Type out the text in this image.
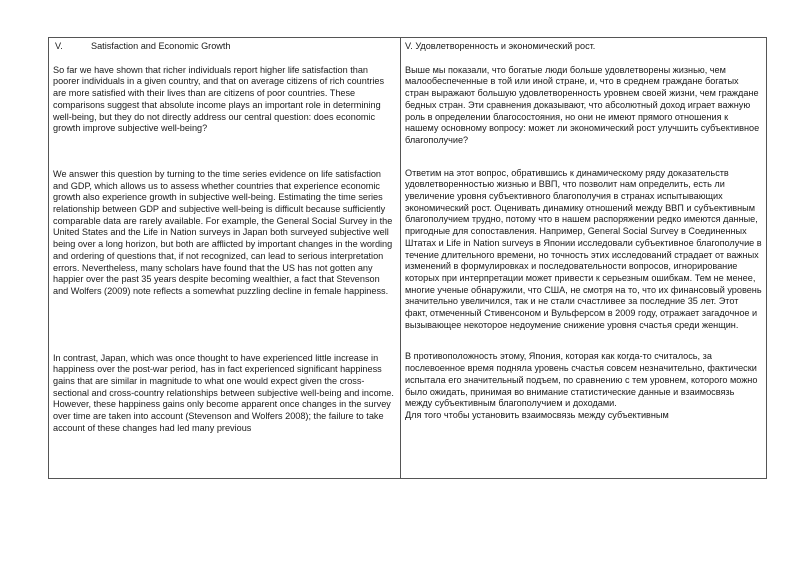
V.	Satisfaction and Economic Growth
So far we have shown that richer individuals report higher life satisfaction than poorer individuals in a given country, and that on average citizens of rich countries are more satisfied with their lives than are citizens of poor countries. These comparisons suggest that absolute income plays an important role in determining well-being, but they do not directly address our central question: does economic growth improve subjective well-being?
We answer this question by turning to the time series evidence on life satisfaction and GDP, which allows us to assess whether countries that experience economic growth also experience growth in subjective well-being. Estimating the time series relationship between GDP and subjective well-being is difficult because sufficiently comparable data are rarely available. For example, the General Social Survey in the United States and the Life in Nation surveys in Japan both surveyed subjective well being over a long horizon, but both are afflicted by important changes in the wording and ordering of questions that, if not recognized, can lead to serious interpretation errors. Nevertheless, many scholars have found that the US has not gotten any happier over the past 35 years despite becoming wealthier, a fact that Stevenson and Wolfers (2009) note reflects a somewhat puzzling decline in female happiness.
In contrast, Japan, which was once thought to have experienced little increase in happiness over the post-war period, has in fact experienced significant happiness gains that are similar in magnitude to what one would expect given the cross-sectional and cross-country relationships between subjective well-being and income. However, these happiness gains only become apparent once changes in the survey over time are taken into account (Stevenson and Wolfers 2008); the failure to take account of these changes had led many previous

V. Удовлетворенность и экономический рост.
Выше мы показали, что богатые люди больше удовлетворены жизнью, чем малообеспеченные в той или иной стране, и, что в среднем граждане богатых стран выражают большую удовлетворенность уровнем своей жизни, чем граждане бедных стран. Эти сравнения доказывают, что абсолютный доход играет важную роль в определении благосостояния, но они не имеют прямого отношения к нашему основному вопросу: может ли экономический рост улучшить субъективное благополучие?
Ответим на этот вопрос, обратившись к динамическому ряду доказательств удовлетворенностью жизнью и ВВП, что позволит нам определить, есть ли увеличение уровня субъективного благополучия в странах испытывающих экономический рост. Оценивать динамику отношений между ВВП и субъективным благополучием трудно, потому что в нашем распоряжении редко имеются данные, пригодные для сопоставления. Например, General Social Survey в Соединенных Штатах и Life in Nation surveys в Японии исследовали субъективное благополучие в течение длительного времени, но точность этих исследований страдает от важных изменений в формулировках и последовательности вопросов, игнорирование которых при интерпретации может привести к серьезным ошибкам. Тем не менее, многие ученые обнаружили, что США, не смотря на то, что их финансовый уровень значительно увеличился, так и не стали счастливее за последние 35 лет. Этот факт, отмеченный Стивенсоном и Вульферсом в 2009 году, отражает загадочное и вызывающее некоторое недоумение снижение уровня счастья среди женщин.
В противоположность этому, Япония, которая как когда-то считалось, за послевоенное время подняла уровень счастья совсем незначительно, фактически испытала его значительный подъем, по сравнению с тем уровнем, которого можно было ожидать, принимая во внимание статистические данные и взаимосвязь между субъективным благополучием и доходами.
Для того чтобы установить взаимосвязь между субъективным
